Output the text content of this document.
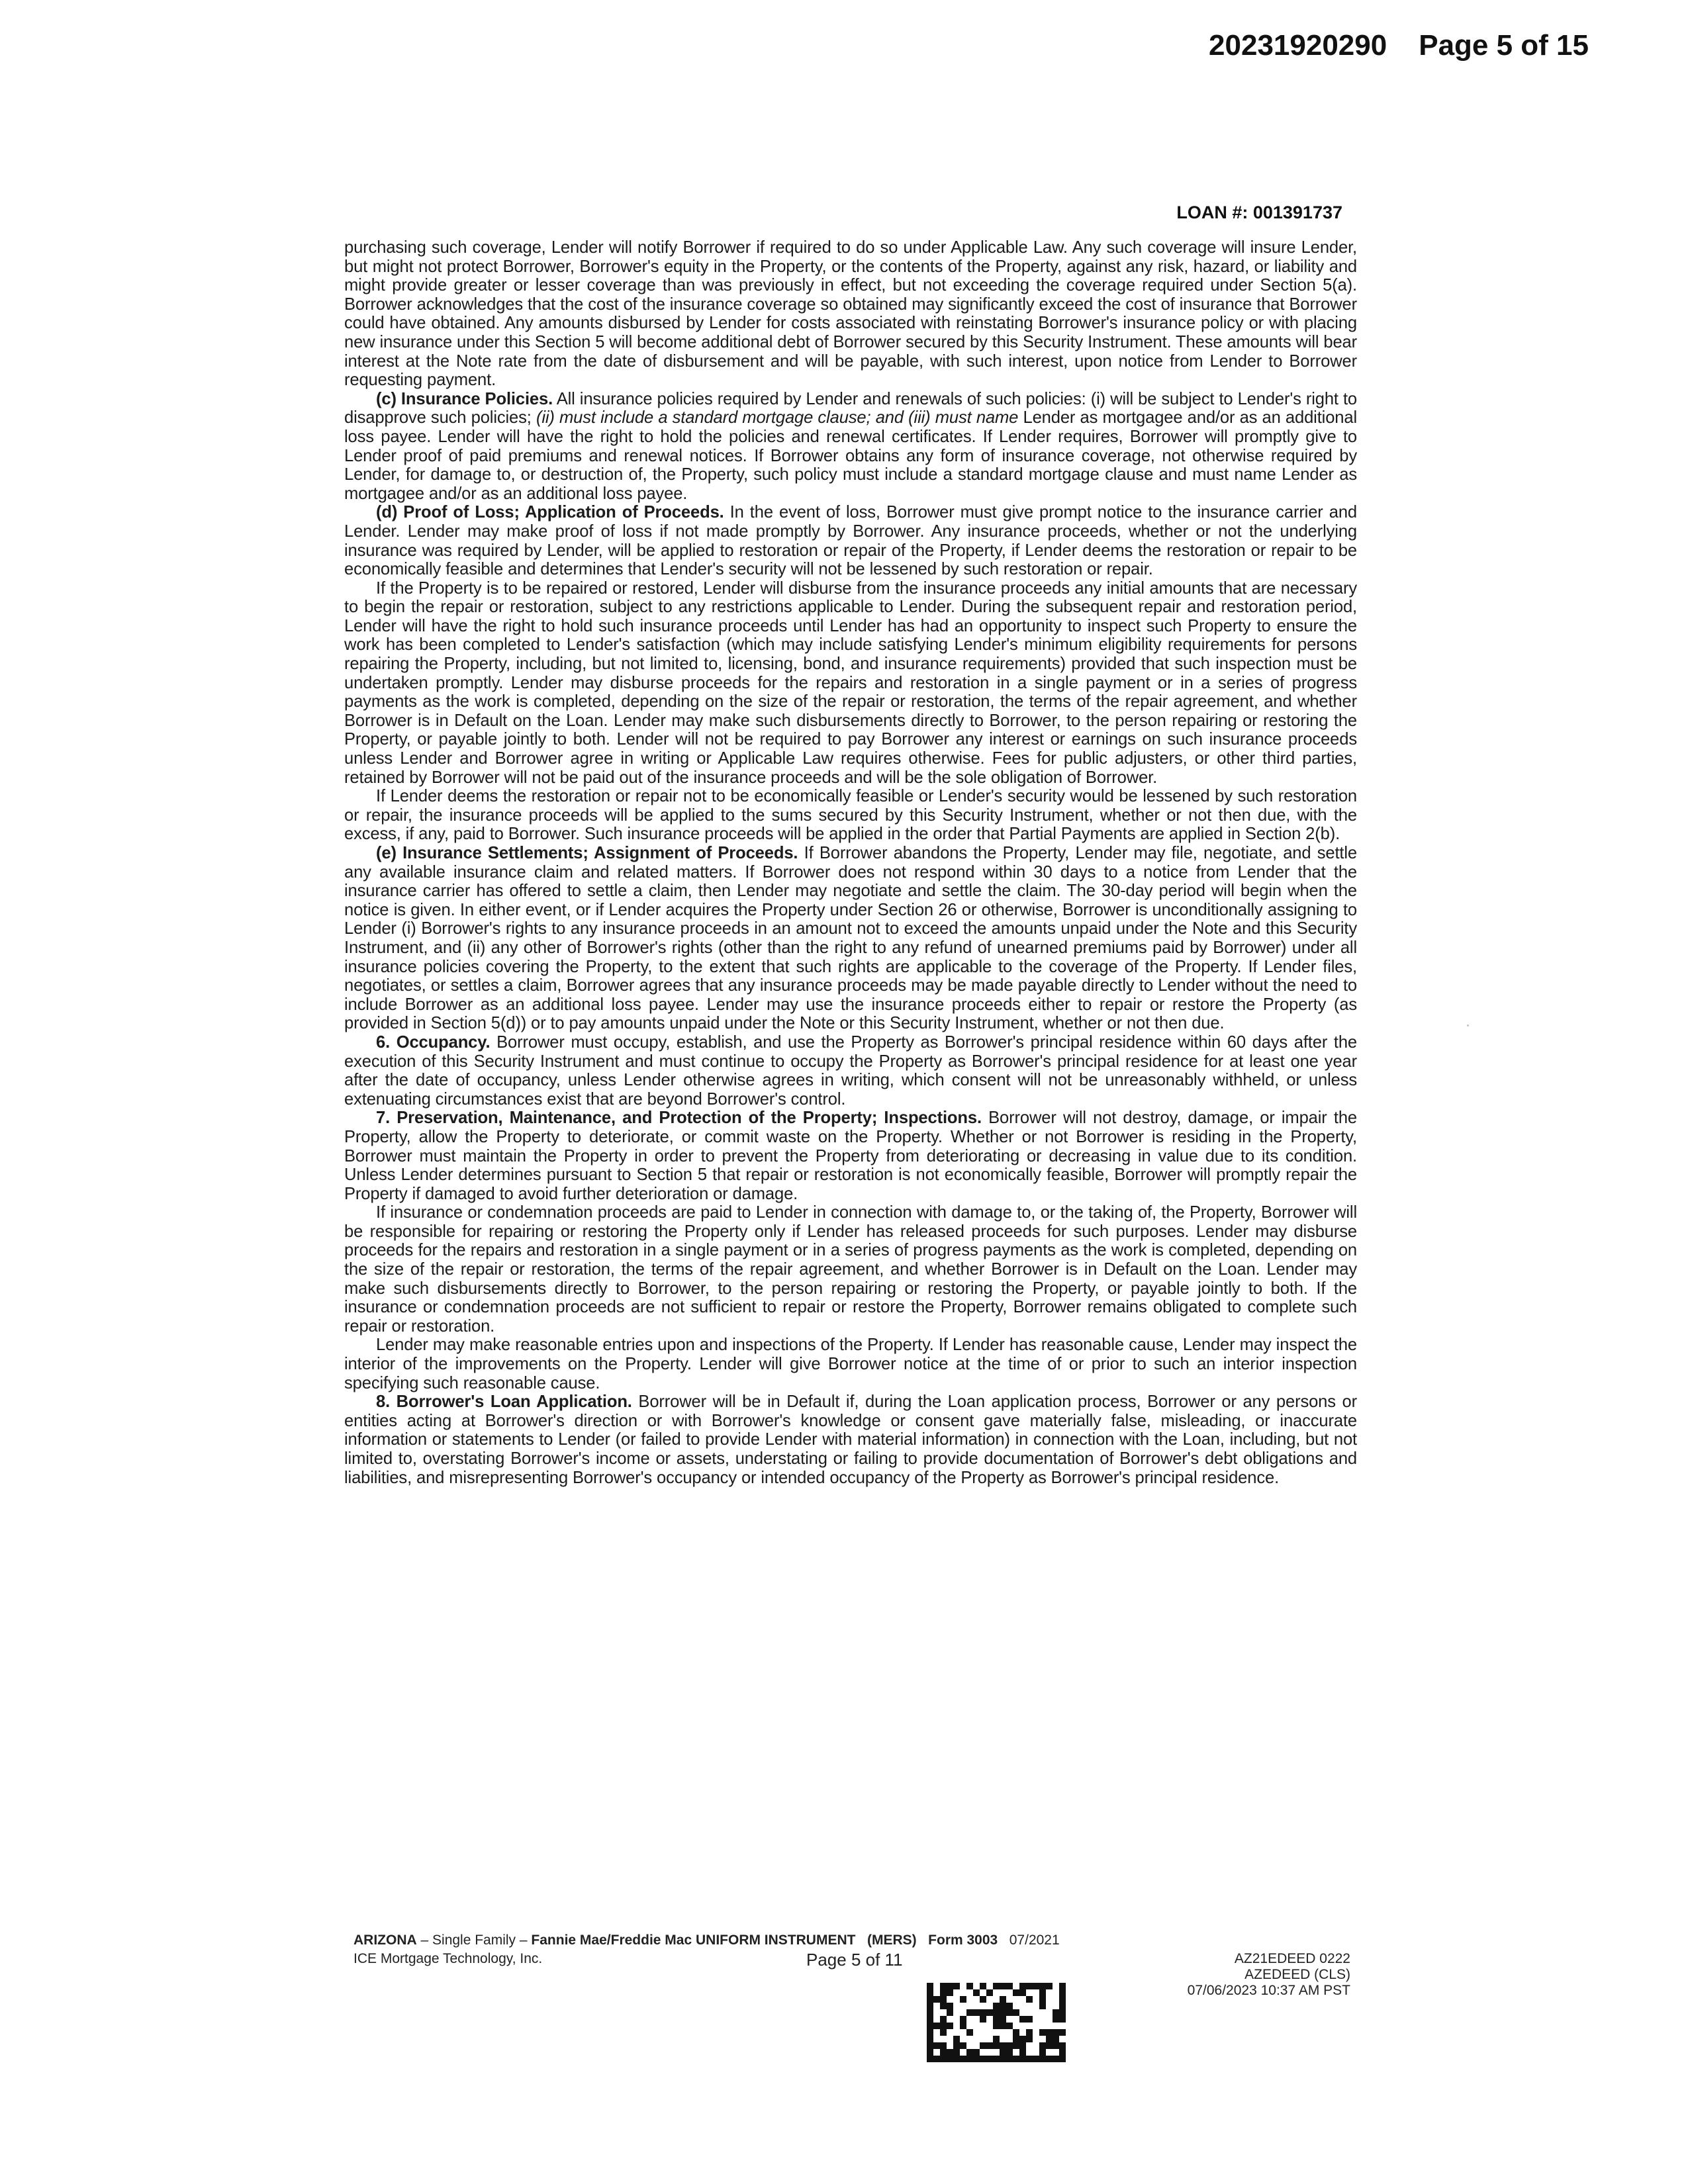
20231920290 Page 5 of 15
LOAN #: 001391737

purchasing such coverage, Lender will notify Borrower if required to do so under Applicable Law. Any such coverage will insure Lender, but might not protect Borrower, Borrower's equity in the Property, or the contents of the Property, against any risk, hazard, or liability and might provide greater or lesser coverage than was previously in effect, but not exceeding the coverage required under Section 5(a). Borrower acknowledges that the cost of the insurance coverage so obtained may significantly exceed the cost of insurance that Borrower could have obtained. Any amounts disbursed by Lender for costs associated with reinstating Borrower's insurance policy or with placing new insurance under this Section 5 will become additional debt of Borrower secured by this Security Instrument. These amounts will bear interest at the Note rate from the date of disbursement and will be payable, with such interest, upon notice from Lender to Borrower requesting payment.

(c) Insurance Policies. All insurance policies required by Lender and renewals of such policies: (i) will be subject to Lender's right to disapprove such policies; (ii) must include a standard mortgage clause; and (iii) must name Lender as mortgagee and/or as an additional loss payee. Lender will have the right to hold the policies and renewal certificates. If Lender requires, Borrower will promptly give to Lender proof of paid premiums and renewal notices. If Borrower obtains any form of insurance coverage, not otherwise required by Lender, for damage to, or destruction of, the Property, such policy must include a standard mortgage clause and must name Lender as mortgagee and/or as an additional loss payee.

(d) Proof of Loss; Application of Proceeds. In the event of loss, Borrower must give prompt notice to the insurance carrier and Lender. Lender may make proof of loss if not made promptly by Borrower. Any insurance proceeds, whether or not the underlying insurance was required by Lender, will be applied to restoration or repair of the Property, if Lender deems the restoration or repair to be economically feasible and determines that Lender's security will not be lessened by such restoration or repair.

If the Property is to be repaired or restored, Lender will disburse from the insurance proceeds any initial amounts that are necessary to begin the repair or restoration, subject to any restrictions applicable to Lender. During the subsequent repair and restoration period, Lender will have the right to hold such insurance proceeds until Lender has had an opportunity to inspect such Property to ensure the work has been completed to Lender's satisfaction (which may include satisfying Lender's minimum eligibility requirements for persons repairing the Property, including, but not limited to, licensing, bond, and insurance requirements) provided that such inspection must be undertaken promptly. Lender may disburse proceeds for the repairs and restoration in a single payment or in a series of progress payments as the work is completed, depending on the size of the repair or restoration, the terms of the repair agreement, and whether Borrower is in Default on the Loan. Lender may make such disbursements directly to Borrower, to the person repairing or restoring the Property, or payable jointly to both. Lender will not be required to pay Borrower any interest or earnings on such insurance proceeds unless Lender and Borrower agree in writing or Applicable Law requires otherwise. Fees for public adjusters, or other third parties, retained by Borrower will not be paid out of the insurance proceeds and will be the sole obligation of Borrower.

If Lender deems the restoration or repair not to be economically feasible or Lender's security would be lessened by such restoration or repair, the insurance proceeds will be applied to the sums secured by this Security Instrument, whether or not then due, with the excess, if any, paid to Borrower. Such insurance proceeds will be applied in the order that Partial Payments are applied in Section 2(b).

(e) Insurance Settlements; Assignment of Proceeds. If Borrower abandons the Property, Lender may file, negotiate, and settle any available insurance claim and related matters. If Borrower does not respond within 30 days to a notice from Lender that the insurance carrier has offered to settle a claim, then Lender may negotiate and settle the claim. The 30-day period will begin when the notice is given. In either event, or if Lender acquires the Property under Section 26 or otherwise, Borrower is unconditionally assigning to Lender (i) Borrower's rights to any insurance proceeds in an amount not to exceed the amounts unpaid under the Note and this Security Instrument, and (ii) any other of Borrower's rights (other than the right to any refund of unearned premiums paid by Borrower) under all insurance policies covering the Property, to the extent that such rights are applicable to the coverage of the Property. If Lender files, negotiates, or settles a claim, Borrower agrees that any insurance proceeds may be made payable directly to Lender without the need to include Borrower as an additional loss payee. Lender may use the insurance proceeds either to repair or restore the Property (as provided in Section 5(d)) or to pay amounts unpaid under the Note or this Security Instrument, whether or not then due.

6. Occupancy. Borrower must occupy, establish, and use the Property as Borrower's principal residence within 60 days after the execution of this Security Instrument and must continue to occupy the Property as Borrower's principal residence for at least one year after the date of occupancy, unless Lender otherwise agrees in writing, which consent will not be unreasonably withheld, or unless extenuating circumstances exist that are beyond Borrower's control.

7. Preservation, Maintenance, and Protection of the Property; Inspections. Borrower will not destroy, damage, or impair the Property, allow the Property to deteriorate, or commit waste on the Property. Whether or not Borrower is residing in the Property, Borrower must maintain the Property in order to prevent the Property from deteriorating or decreasing in value due to its condition. Unless Lender determines pursuant to Section 5 that repair or restoration is not economically feasible, Borrower will promptly repair the Property if damaged to avoid further deterioration or damage.

If insurance or condemnation proceeds are paid to Lender in connection with damage to, or the taking of, the Property, Borrower will be responsible for repairing or restoring the Property only if Lender has released proceeds for such purposes. Lender may disburse proceeds for the repairs and restoration in a single payment or in a series of progress payments as the work is completed, depending on the size of the repair or restoration, the terms of the repair agreement, and whether Borrower is in Default on the Loan. Lender may make such disbursements directly to Borrower, to the person repairing or restoring the Property, or payable jointly to both. If the insurance or condemnation proceeds are not sufficient to repair or restore the Property, Borrower remains obligated to complete such repair or restoration.

Lender may make reasonable entries upon and inspections of the Property. If Lender has reasonable cause, Lender may inspect the interior of the improvements on the Property. Lender will give Borrower notice at the time of or prior to such an interior inspection specifying such reasonable cause.

8. Borrower's Loan Application. Borrower will be in Default if, during the Loan application process, Borrower or any persons or entities acting at Borrower's direction or with Borrower's knowledge or consent gave materially false, misleading, or inaccurate information or statements to Lender (or failed to provide Lender with material information) in connection with the Loan, including, but not limited to, overstating Borrower's income or assets, understating or failing to provide documentation of Borrower's debt obligations and liabilities, and misrepresenting Borrower's occupancy or intended occupancy of the Property as Borrower's principal residence.

ARIZONA – Single Family – Fannie Mae/Freddie Mac UNIFORM INSTRUMENT (MERS) Form 3003 07/2021
ICE Mortgage Technology, Inc.	Page 5 of 11	AZ21EDEED 0222
AZEDEED (CLS)
07/06/2023 10:37 AM PST
